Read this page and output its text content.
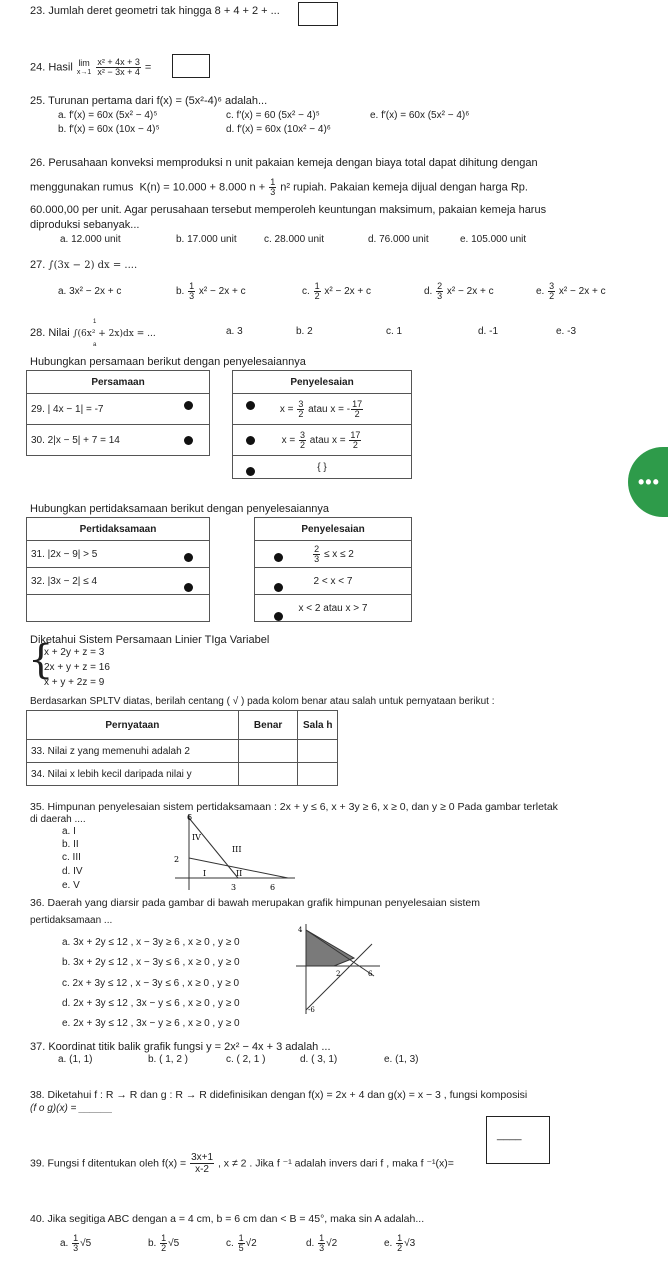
23. Jumlah deret geometri tak hingga 8 + 4 + 2 + ...
24. Hasil lim
x→1
$\frac{\text{x² + 4x + 3}}{\text{x² − 3x + 4}}$ =
25. Turunan pertama dari f(x) = (5x²-4)⁶ adalah...
a. f′(x) = 60x (5x² − 4)⁵
b. f′(x) = 60x (10x − 4)⁵
c. f′(x) = 60 (5x² − 4)⁵
d. f′(x) = 60x (10x² − 4)⁶
e. f′(x) = 60x (5x² − 4)⁶
26. Perusahaan konveksi memproduksi n unit pakaian kemeja dengan biaya total dapat dihitung dengan
menggunakan rumus K(n) = 10.000 + 8.000 $n + \frac{1}{3} n^2$ rupiah. Pakaian kemeja dijual dengan harga Rp.
60.000,00 per unit. Agar perusahaan tersebut memperoleh keuntungan maksimum, pakaian kemeja harus
diproduksi sebanyak...
a. 12.000 unit	b. 17.000 unit	c. 28.000 unit	d. 76.000 unit	e. 105.000 unit
27. ∫(3x − 2) dx = ....
a. 3x² − 2x + c	b. $\frac{1}{3} x^2 - 2x + c$	c. $\frac{1}{2} x^2 - 2x + c$	d. $\frac{2}{3} x^2 - 2x + c$	e. $\frac{3}{2} x^2 - 2x + c$
28. Nilai ∫(6x² + 2x)dx = ...
1
a
a. 3	b. 2	c. 1	d. -1	e. -3
Hubungkan persamaan berikut dengan penyelesaiannya
Persamaan
29. | 4x − 1| = -7
30. 2|x − 5| + 7 = 14
Penyelesaian
$x = \frac{3}{2}$ atau x = - $\frac{17}{2}$

$x = \frac{3}{2}$ atau $x = \frac{17}{2}$

{ }
•••
Hubungkan pertidaksamaan berikut dengan penyelesaiannya
Pertidaksamaan
31. |2x − 9| > 5
32. |3x − 2| ≤ 4

Penyelesaian

$\frac{2}{3} \le x \le 2$
2 < x < 7
x < 2 atau x > 7
Diketahui Sistem Persamaan Linier TIga Variabel
{
x + 2y + z = 3
2x + y + z = 16
x + y + 2z = 9
Berdasarkan SPLTV diatas, berilah centang ( √ ) pada kolom benar atau salah untuk pernyataan berikut :
Pernyataan	Benar	Sala h
33. Nilai z yang memenuhi adalah 2		
34. Nilai x lebih kecil daripada nilai y		
35. Himpunan penyelesaian sistem pertidaksamaan : 2x + y ≤ 6, x + 3y ≥ 6, x ≥ 0, dan y ≥ 0 Pada gambar terletak
di daerah ....
a. I
b. II
c. III
d. IV
e. V
6
2
3	6
I	II
III
IV
36. Daerah yang diarsir pada gambar di bawah merupakan grafik himpunan penyelesaian sistem
pertidaksamaan ...
a. 3x + 2y ≤ 12 , x − 3y ≥ 6 , x ≥ 0 , y ≥ 0
b. 3x + 2y ≤ 12 , x − 3y ≤ 6 , x ≥ 0 , y ≥ 0
c. 2x + 3y ≤ 12 , x − 3y ≤ 6 , x ≥ 0 , y ≥ 0
d. 2x + 3y ≤ 12 , 3x − y ≤ 6 , x ≥ 0 , y ≥ 0
e. 2x + 3y ≤ 12 , 3x − y ≥ 6 , x ≥ 0 , y ≥ 0
4
2	6
-6
37. Koordinat titik balik grafik fungsi y = 2x² − 4x + 3 adalah ...
a. (1, 1)	b. ( 1, 2 )	c. ( 2, 1 )	d. ( 3, 1)	e. (1, 3)
38. Diketahui f : R → R dan g : R → R didefinisikan dengan f(x) = 2x + 4 dan g(x) = x − 3 , fungsi komposisi
(f o g)(x) = ______
____
39. Fungsi f ditentukan oleh $f(x) = \frac{3x+1}{x-2}$ , x ≠ 2 . Jika f ⁻¹ adalah invers dari f , maka f ⁻¹(x)=
40. Jika segitiga ABC dengan a = 4 cm, b = 6 cm dan < B = 45°, maka sin A adalah...
a. $\frac{1}{3} √5$	b. $\frac{1}{2} √5$	c. $\frac{1}{5} √2$	d. $\frac{1}{3} √2$	e. $\frac{1}{2} √3$
